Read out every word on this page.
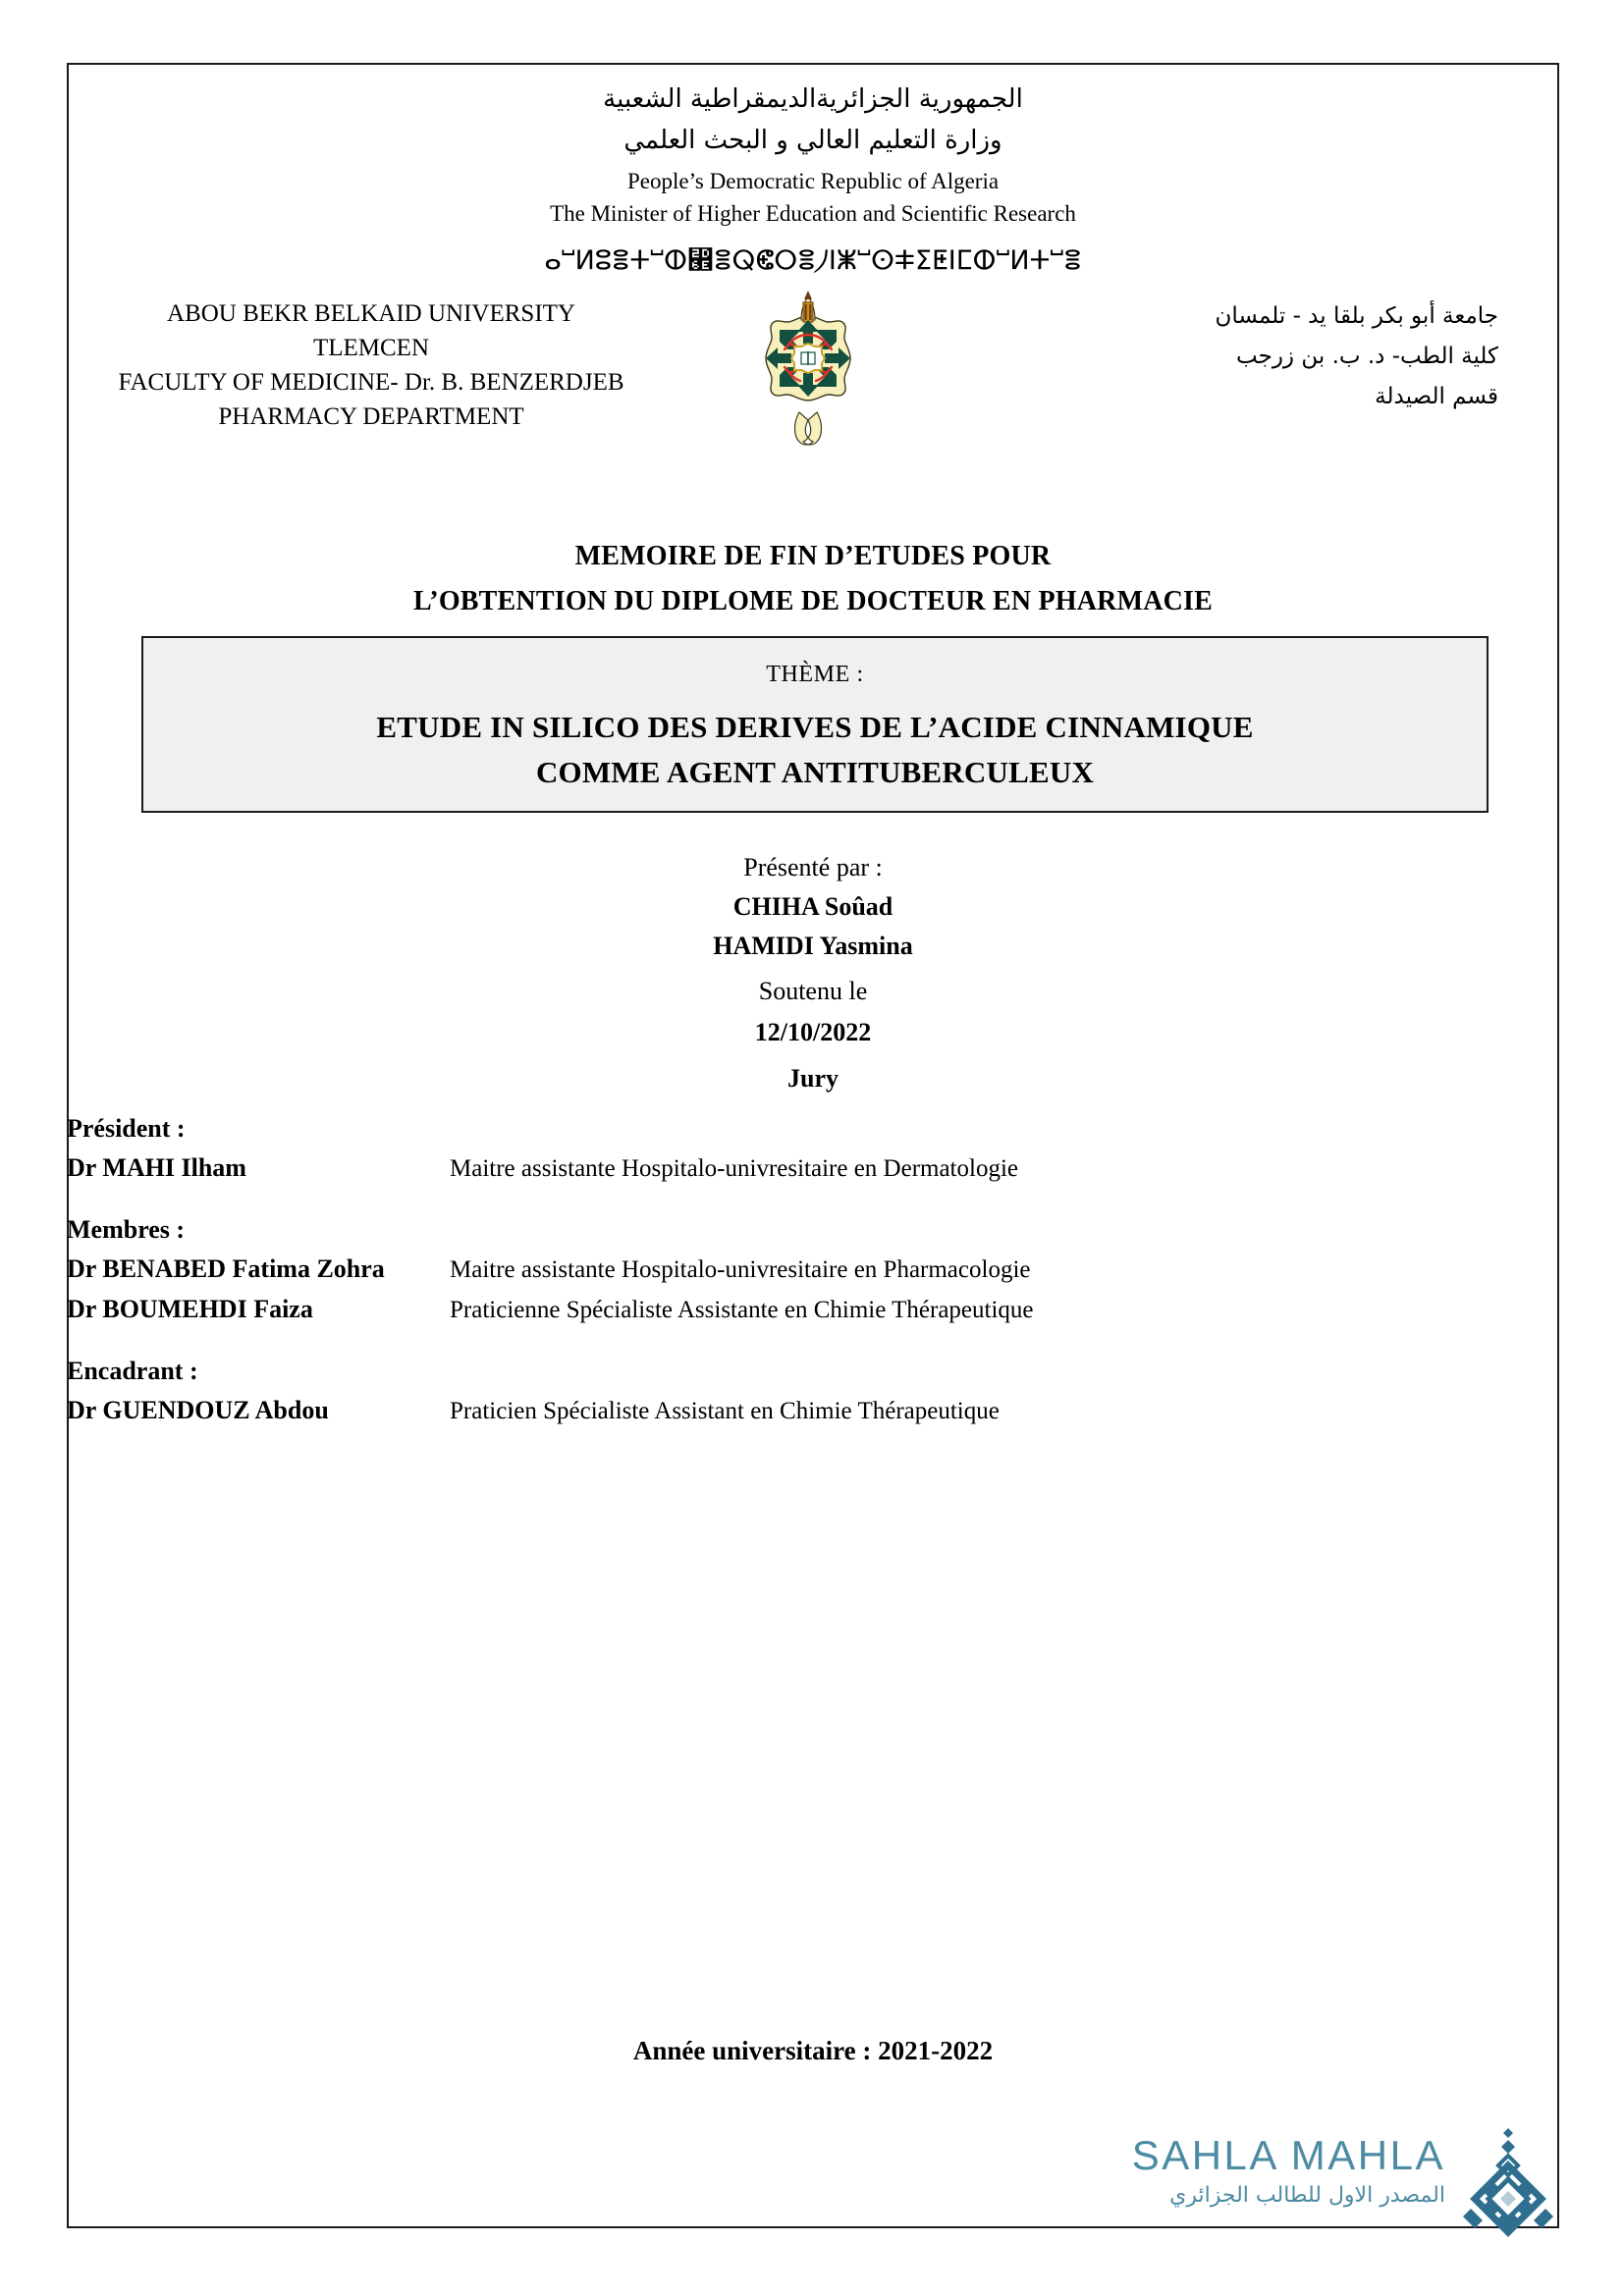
الجمهورية الجزائريةالديمقراطية الشعبية
وزارة التعليم العالي و البحث العلمي
People’s Democratic Republic of Algeria
The Minister of Higher Education and Scientific Research
ⴰⵯⵍⵓⴻⵜⵯⵀ⵮ⴻⵕⵞⵔⴻ⵰ⵏⵥⵯⵙⵐⵉⵟⵏⵎⵀⵯⵍⵜⵯⴻ
ABOU BEKR BELKAID UNIVERSITY
TLEMCEN
FACULTY OF MEDICINE- Dr. B. BENZERDJEB
PHARMACY DEPARTMENT
جامعة أبو بكر بلقا يد - تلمسان
كلية الطب- د. ب. بن زرجب
قسم الصيدلة
MEMOIRE DE FIN D’ETUDES POUR
L’OBTENTION DU DIPLOME DE DOCTEUR EN PHARMACIE
THÈME :
ETUDE IN SILICO DES DERIVES DE L’ACIDE CINNAMIQUE
COMME AGENT ANTITUBERCULEUX
Présenté par :
CHIHA Soûad
HAMIDI Yasmina
Soutenu le
12/10/2022
Jury
Président :
Dr MAHI Ilham	Maitre assistante Hospitalo-univresitaire en Dermatologie
Membres :
Dr BENABED Fatima Zohra	Maitre assistante Hospitalo-univresitaire en Pharmacologie
Dr BOUMEHDI Faiza	Praticienne Spécialiste Assistante en Chimie Thérapeutique
Encadrant :
Dr GUENDOUZ Abdou	Praticien Spécialiste Assistant en Chimie Thérapeutique
Année universitaire : 2021-2022
SAHLA MAHLA
المصدر الاول للطالب الجزائري
